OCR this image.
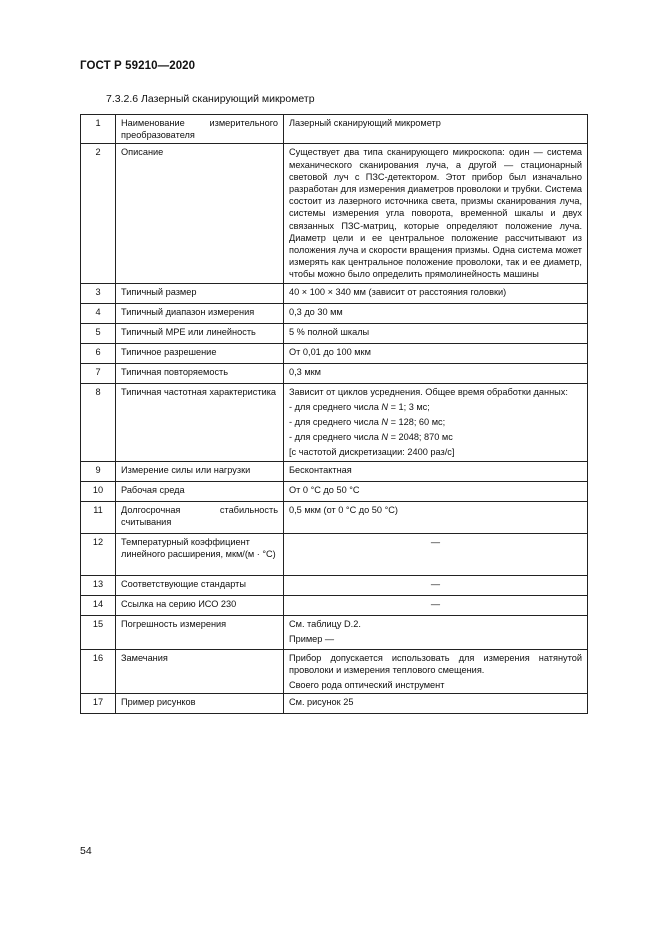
ГОСТ Р 59210—2020
7.3.2.6 Лазерный сканирующий микрометр
1	Наименование измерительного преобразователя	Лазерный сканирующий микрометр
2	Описание	Существует два типа сканирующего микроскопа: один — система механического сканирования луча, а другой — стационарный световой луч с ПЗС-детектором. Этот прибор был изначально разработан для измерения диаметров проволоки и трубки. Система состоит из лазерного источника света, призмы сканирования луча, системы измерения угла поворота, временной шкалы и двух связанных ПЗС-матриц, которые определяют положение луча. Диаметр цели и ее центральное положение рассчитывают из положения луча и скорости вращения призмы. Одна система может измерять как центральное положение проволоки, так и ее диаметр, чтобы можно было определить прямолинейность машины
3	Типичный размер	40 × 100 × 340 мм (зависит от расстояния головки)
4	Типичный диапазон измерения	0,3 до 30 мм
5	Типичный MPE или линейность	5 % полной шкалы
6	Типичное разрешение	От 0,01 до 100 мкм
7	Типичная повторяемость	0,3 мкм
8	Типичная частотная характеристика	Зависит от циклов усреднения. Общее время обработки данных:
- для среднего числа N = 1; 3 мс;
- для среднего числа N = 128; 60 мс;
- для среднего числа N = 2048; 870 мс
[с частотой дискретизации: 2400 раз/с]

9	Измерение силы или нагрузки	Бесконтактная
10	Рабочая среда	От 0 °С до 50 °С
11	Долгосрочная стабильность считывания	0,5 мкм (от 0 °С до 50 °С)
12	Температурный коэффициент линейного расширения, мкм/(м · °С)	—
13	Соответствующие стандарты	—
14	Ссылка на серию ИСО 230	—
15	Погрешность измерения	См. таблицу D.2.
Пример —

16	Замечания	Прибор допускается использовать для измерения натянутой проволоки и измерения теплового смещения.
Своего рода оптический инструмент

17	Пример рисунков	См. рисунок 25
54
